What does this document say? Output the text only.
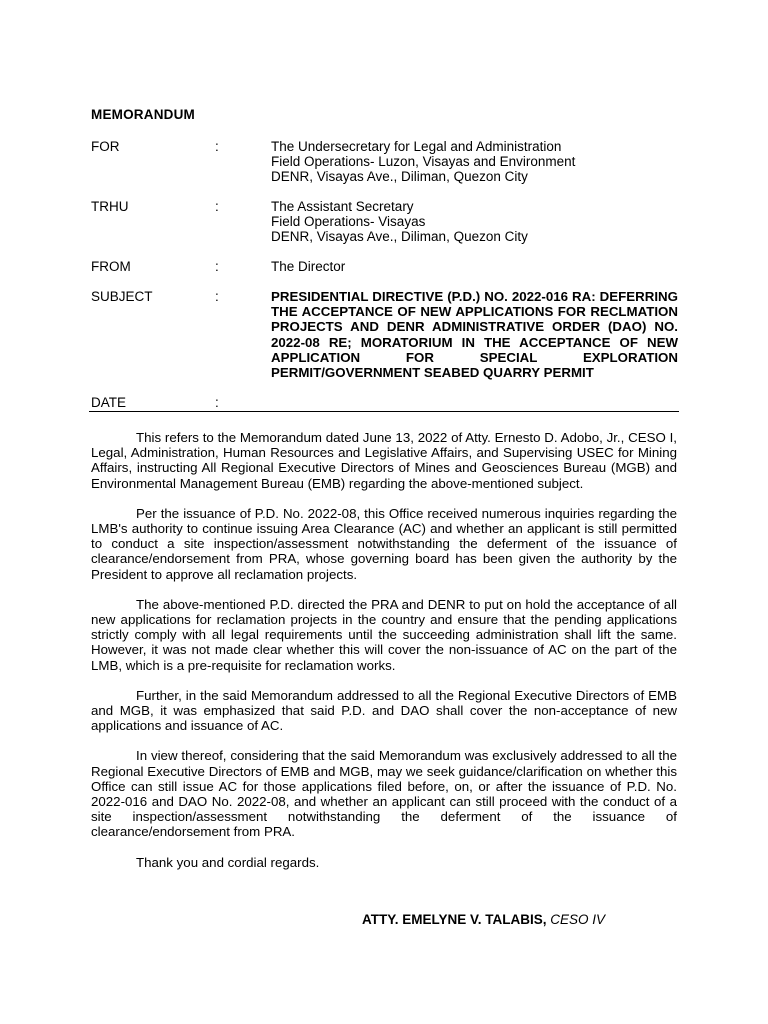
MEMORANDUM
FOR	:	The Undersecretary for Legal and Administration
Field Operations- Luzon, Visayas and Environment
DENR, Visayas Ave., Diliman, Quezon City
TRHU	:	The Assistant Secretary
Field Operations- Visayas
DENR, Visayas Ave., Diliman, Quezon City
FROM	:	The Director
SUBJECT	:	PRESIDENTIAL DIRECTIVE (P.D.) NO. 2022-016 RA: DEFERRING THE ACCEPTANCE OF NEW APPLICATIONS FOR RECLMATION PROJECTS AND DENR ADMINISTRATIVE ORDER (DAO) NO. 2022-08 RE; MORATORIUM IN THE ACCEPTANCE OF NEW APPLICATION FOR SPECIAL EXPLORATION PERMIT/GOVERNMENT SEABED QUARRY PERMIT
DATE	:

This refers to the Memorandum dated June 13, 2022 of Atty. Ernesto D. Adobo, Jr., CESO I, Legal, Administration, Human Resources and Legislative Affairs, and Supervising USEC for Mining Affairs, instructing All Regional Executive Directors of Mines and Geosciences Bureau (MGB) and Environmental Management Bureau (EMB) regarding the above-mentioned subject.

Per the issuance of P.D. No. 2022-08, this Office received numerous inquiries regarding the LMB's authority to continue issuing Area Clearance (AC) and whether an applicant is still permitted to conduct a site inspection/assessment notwithstanding the deferment of the issuance of clearance/endorsement from PRA, whose governing board has been given the authority by the President to approve all reclamation projects.

The above-mentioned P.D. directed the PRA and DENR to put on hold the acceptance of all new applications for reclamation projects in the country and ensure that the pending applications strictly comply with all legal requirements until the succeeding administration shall lift the same. However, it was not made clear whether this will cover the non-issuance of AC on the part of the LMB, which is a pre-requisite for reclamation works.

Further, in the said Memorandum addressed to all the Regional Executive Directors of EMB and MGB, it was emphasized that said P.D. and DAO shall cover the non-acceptance of new applications and issuance of AC.

In view thereof, considering that the said Memorandum was exclusively addressed to all the Regional Executive Directors of EMB and MGB, may we seek guidance/clarification on whether this Office can still issue AC for those applications filed before, on, or after the issuance of P.D. No. 2022-016 and DAO No. 2022-08, and whether an applicant can still proceed with the conduct of a site inspection/assessment notwithstanding the deferment of the issuance of clearance/endorsement from PRA.

Thank you and cordial regards.

ATTY. EMELYNE V. TALABIS, CESO IV
